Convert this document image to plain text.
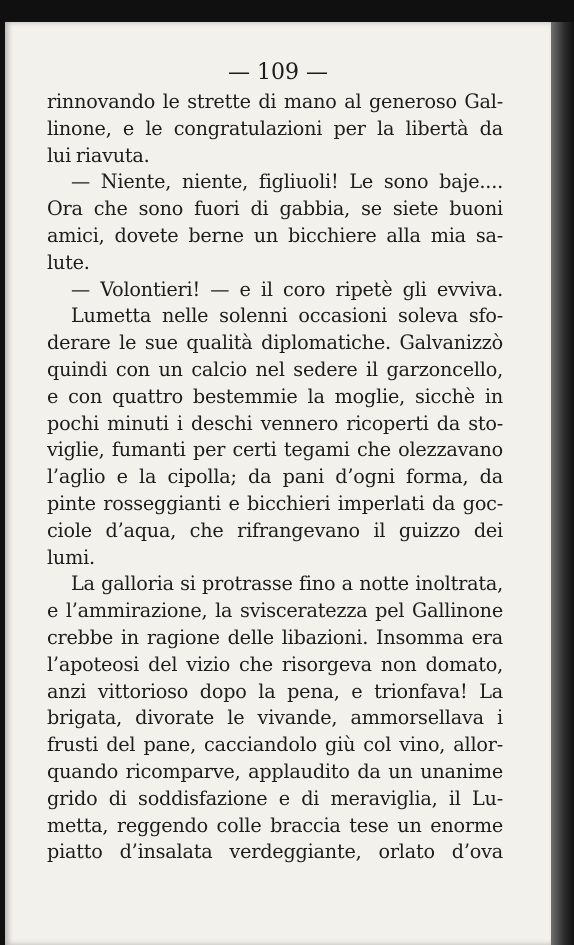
— 109 —
rinnovando le strette di mano al generoso Gal-
linone, e le congratulazioni per la libertà da
lui riavuta.
— Niente, niente, figliuoli! Le sono baje....
Ora che sono fuori di gabbia, se siete buoni
amici, dovete berne un bicchiere alla mia sa-
lute.
— Volontieri! — e il coro ripetè gli evviva.
Lumetta nelle solenni occasioni soleva sfo-
derare le sue qualità diplomatiche. Galvanizzò
quindi con un calcio nel sedere il garzoncello,
e con quattro bestemmie la moglie, sicchè in
pochi minuti i deschi vennero ricoperti da sto-
viglie, fumanti per certi tegami che olezzavano
l’aglio e la cipolla; da pani d’ogni forma, da
pinte rosseggianti e bicchieri imperlati da goc-
ciole d’aqua, che rifrangevano il guizzo dei
lumi.
La galloria si protrasse fino a notte inoltrata,
e l’ammirazione, la svisceratezza pel Gallinone
crebbe in ragione delle libazioni. Insomma era
l’apoteosi del vizio che risorgeva non domato,
anzi vittorioso dopo la pena, e trionfava! La
brigata, divorate le vivande, ammorsellava i
frusti del pane, cacciandolo giù col vino, allor-
quando ricomparve, applaudito da un unanime
grido di soddisfazione e di meraviglia, il Lu-
metta, reggendo colle braccia tese un enorme
piatto d’insalata verdeggiante, orlato d’ova
